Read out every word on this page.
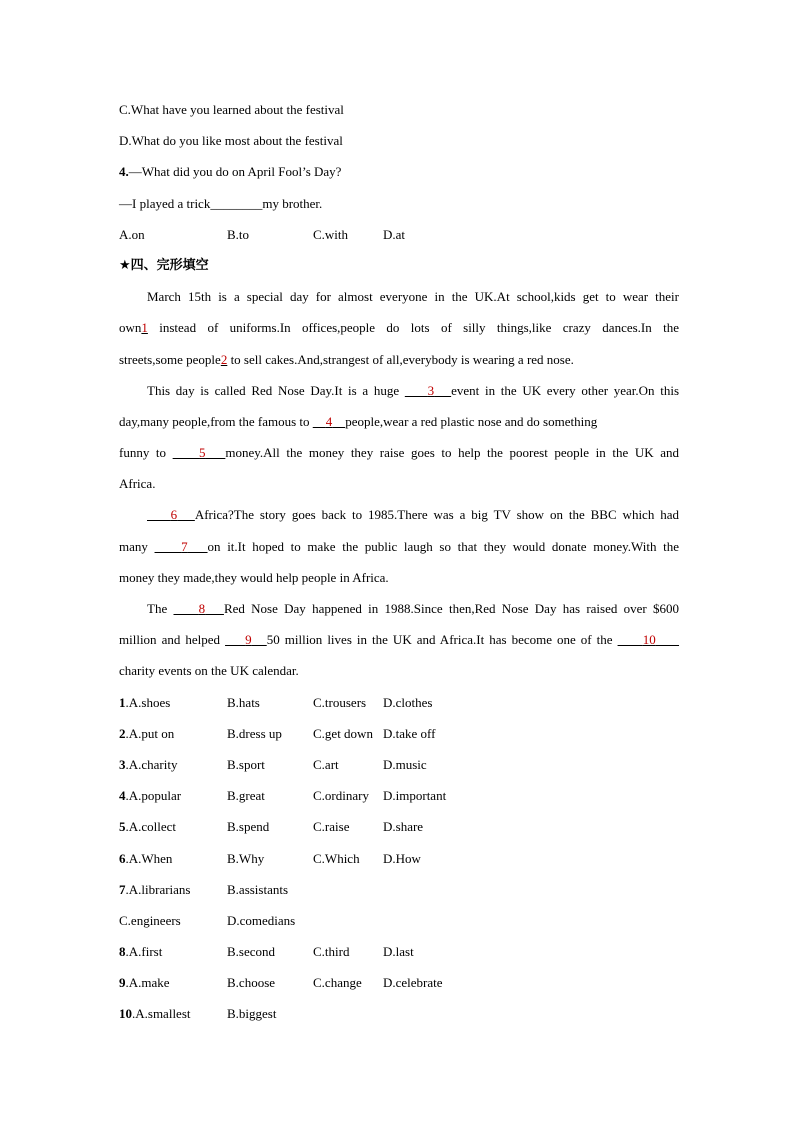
C.What have you learned about the festival
D.What do you like most about the festival
4.—What did you do on April Fool’s Day?
—I played a trick________my brother.
A.on	B.to	C.with	D.at
★四、完形填空
March 15th is a special day for almost everyone in the UK.At school,kids get to wear their
own1 instead of uniforms.In offices,people do lots of silly things,like crazy dances.In the
streets,some people2 to sell cakes.And,strangest of all,everybody is wearing a red nose.
This day is called Red Nose Day.It is a huge     3 event in the UK every other year.On this
day,many people,from the famous to     4 people,wear a red plastic nose and do something
funny to     5 money.All the money they raise goes to help the poorest people in the UK and
Africa.
6 Africa?The story goes back to 1985.There was a big TV show on the BBC which had
many     7 on it.It hoped to make the public laugh so that they would donate money.With the
money they made,they would help people in Africa.
The     8 Red Nose Day happened in 1988.Since then,Red Nose Day has raised over $600
million and helped     9 50 million lives in the UK and Africa.It has become one of the      10
charity events on the UK calendar.
1.A.shoes	B.hats	C.trousers	D.clothes
2.A.put on	B.dress up	C.get down D.take off
3.A.charity	B.sport	C.art	D.music
4.A.popular	B.great	C.ordinary	D.important
5.A.collect	B.spend	C.raise	D.share
6.A.When	B.Why	C.Which	D.How
7.A.librarians	B.assistants
C.engineers	D.comedians
8.A.first	B.second	C.third	D.last
9.A.make	B.choose	C.change	D.celebrate
10.A.smallest	B.biggest
